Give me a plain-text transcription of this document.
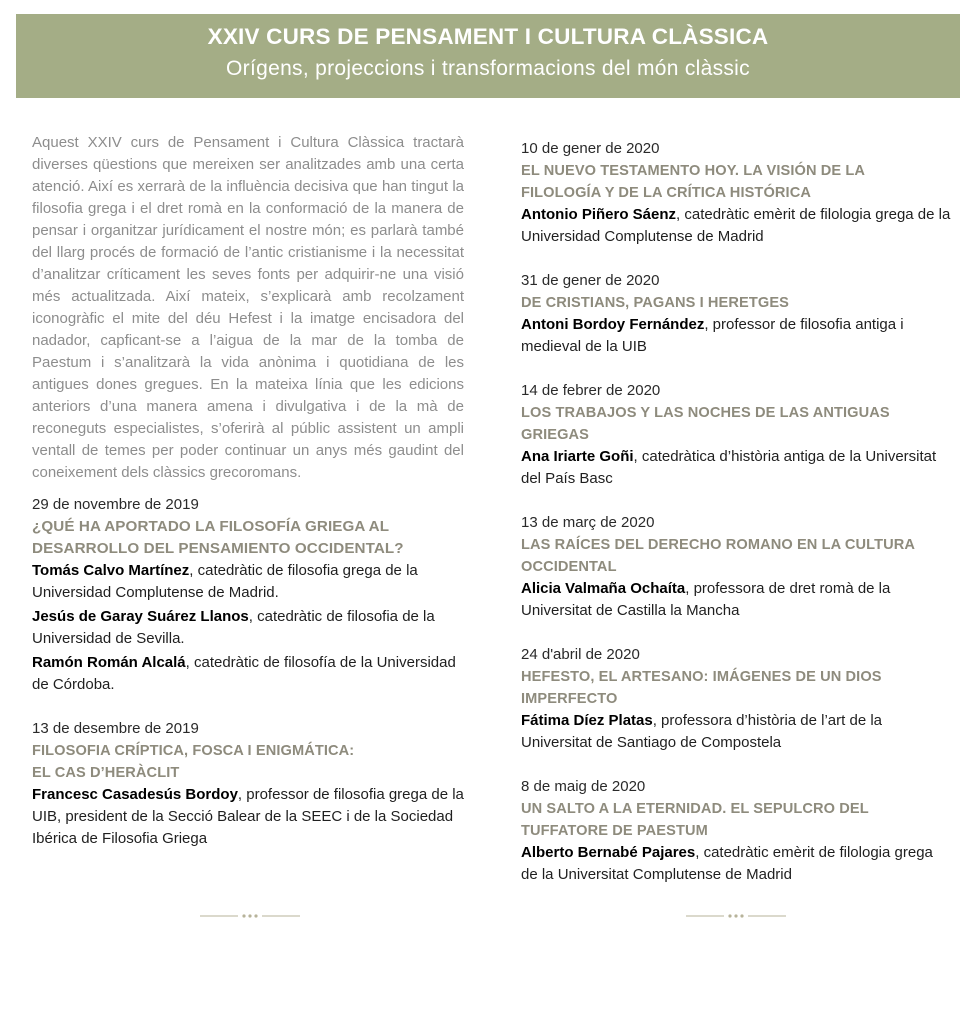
XXIV CURS DE PENSAMENT I CULTURA CLÀSSICA
Orígens, projeccions i transformacions del món clàssic

Aquest XXIV curs de Pensament i Cultura Clàssica tractarà diverses qüestions que mereixen ser analitzades amb una certa atenció. Així es xerrarà de la influència decisiva que han tingut la filosofia grega i el dret romà en la conformació de la manera de pensar i organitzar jurídicament el nostre món; es parlarà també del llarg procés de formació de l’antic cristianisme i la necessitat d’analitzar críticament les seves fonts per adquirir-ne una visió més actualitzada. Així mateix, s’explicarà amb recolzament iconogràfic el mite del déu Hefest i la imatge encisadora del nadador, capficant-se a l’aigua de la mar de la tomba de Paestum i s’analitzarà la vida anònima i quotidiana de les antigues dones gregues. En la mateixa línia que les edicions anteriors d’una manera amena i divulgativa i de la mà de reconeguts especialistes, s’oferirà al públic assistent un ampli ventall de temes per poder continuar un anys més gaudint del coneixement dels clàssics grecoromans.

29 de novembre de 2019
¿QUÉ HA APORTADO LA FILOSOFÍA GRIEGA AL DESARROLLO DEL PENSAMIENTO OCCIDENTAL?
Tomás Calvo Martínez, catedràtic de filosofia grega de la Universidad Complutense de Madrid.
Jesús de Garay Suárez Llanos, catedràtic de filosofia de la Universidad de Sevilla.
Ramón Román Alcalá, catedràtic de filosofía de la Universidad de Córdoba.
13 de desembre de 2019
FILOSOFIA CRÍPTICA, FOSCA I ENIGMÁTICA: EL CAS D’HERÀCLIT
Francesc Casadesús Bordoy, professor de filosofia grega de la UIB, president de la Secció Balear de la SEEC i de la Sociedad Ibérica de Filosofia Griega
10 de gener de 2020
EL NUEVO TESTAMENTO HOY. LA VISIÓN DE LA FILOLOGÍA Y DE LA CRÍTICA HISTÓRICA
Antonio Piñero Sáenz, catedràtic emèrit de filologia grega de la Universidad Complutense de Madrid
31 de gener de 2020
DE CRISTIANS, PAGANS I HERETGES
Antoni Bordoy Fernández, professor de filosofia antiga i medieval de la UIB
14 de febrer de 2020
LOS TRABAJOS Y LAS NOCHES DE LAS ANTIGUAS GRIEGAS
Ana Iriarte Goñi, catedràtica d’història antiga de la Universitat del País Basc
13 de març de 2020
LAS RAÍCES DEL DERECHO ROMANO EN LA CULTURA OCCIDENTAL
Alicia Valmaña Ochaíta, professora de dret romà de la Universitat de Castilla la Mancha
24 d'abril de 2020
HEFESTO, EL ARTESANO: IMÁGENES DE UN DIOS IMPERFECTO
Fátima Díez Platas, professora d’història de l’art de la Universitat de Santiago de Compostela
8 de maig de 2020
UN SALTO A LA ETERNIDAD. EL SEPULCRO DEL TUFFATORE DE PAESTUM
Alberto Bernabé Pajares, catedràtic emèrit de filologia grega de la Universitat Complutense de Madrid
